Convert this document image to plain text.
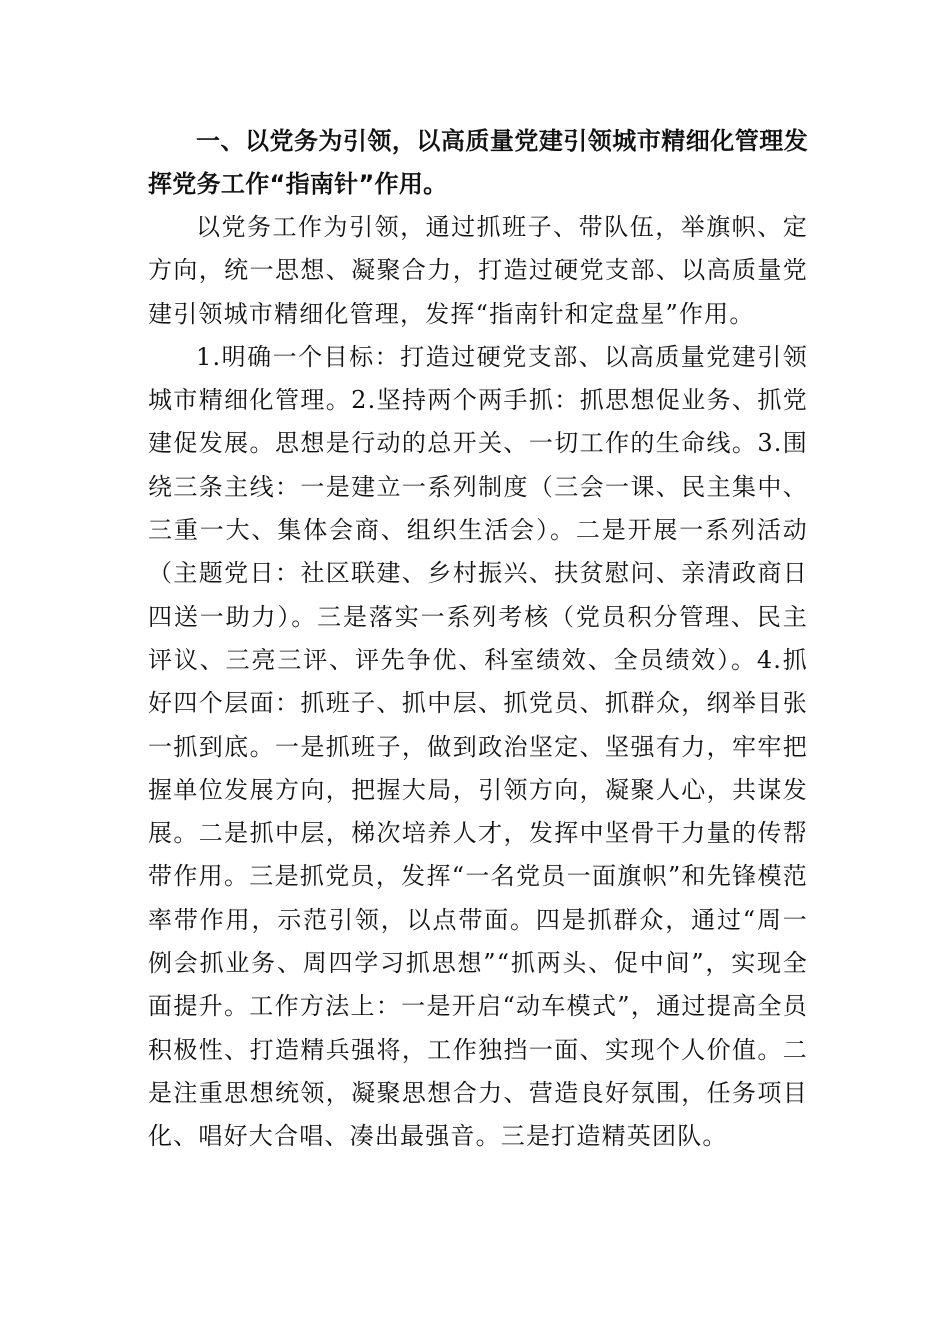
一、以党务为引领，以高质量党建引领城市精细化管理发挥党务工作“指南针”作用。

以党务工作为引领，通过抓班子、带队伍，举旗帜、定方向，统一思想、凝聚合力，打造过硬党支部、以高质量党建引领城市精细化管理，发挥“指南针和定盘星”作用。

1.明确一个目标：打造过硬党支部、以高质量党建引领城市精细化管理。2.坚持两个两手抓：抓思想促业务、抓党建促发展。思想是行动的总开关、一切工作的生命线。3.围绕三条主线：一是建立一系列制度（三会一课、民主集中、三重一大、集体会商、组织生活会）。二是开展一系列活动（主题党日：社区联建、乡村振兴、扶贫慰问、亲清政商日四送一助力）。三是落实一系列考核（党员积分管理、民主评议、三亮三评、评先争优、科室绩效、全员绩效）。4.抓好四个层面：抓班子、抓中层、抓党员、抓群众，纲举目张一抓到底。一是抓班子，做到政治坚定、坚强有力，牢牢把握单位发展方向，把握大局，引领方向，凝聚人心，共谋发展。二是抓中层，梯次培养人才，发挥中坚骨干力量的传帮带作用。三是抓党员，发挥“一名党员一面旗帜”和先锋模范率带作用，示范引领，以点带面。四是抓群众，通过“周一例会抓业务、周四学习抓思想”“抓两头、促中间”，实现全面提升。工作方法上：一是开启“动车模式”，通过提高全员积极性、打造精兵强将，工作独挡一面、实现个人价值。二是注重思想统领，凝聚思想合力、营造良好氛围，任务项目化、唱好大合唱、凑出最强音。三是打造精英团队。
